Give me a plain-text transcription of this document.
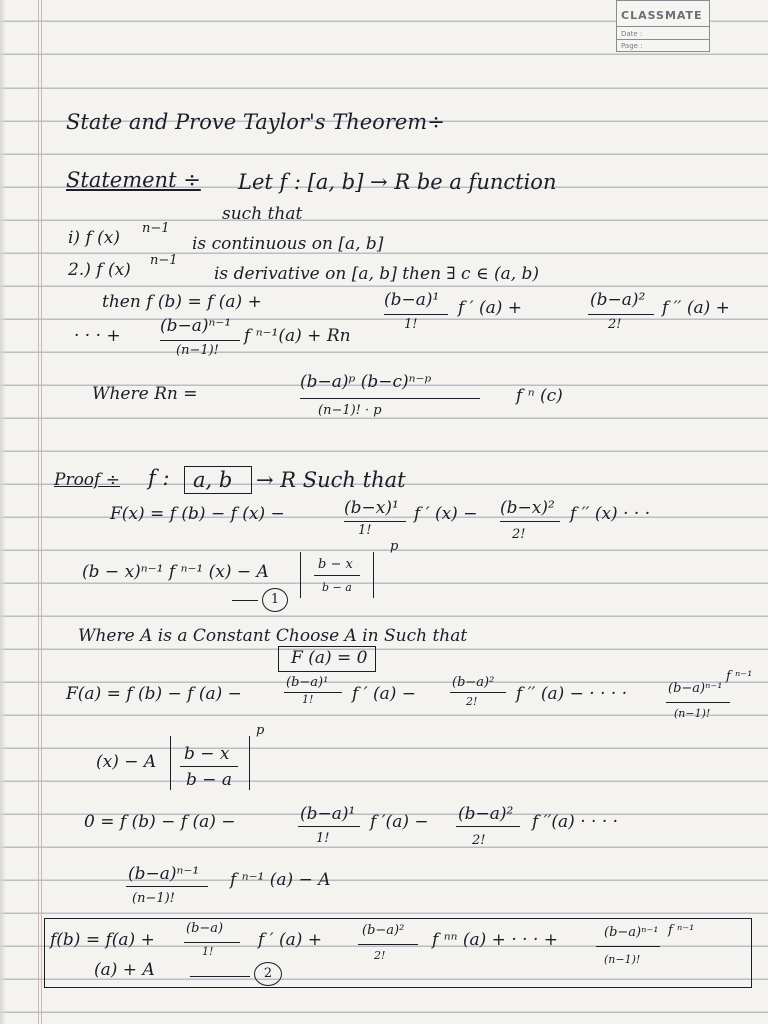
CLASSMATE
Date :
Page :
State and Prove Taylor's Theorem÷
Statement ÷ Let f : [a, b] → R be a function
such that
i) f (x) n−1
is continuous on [a, b]
2.) f (x) n−1
is derivative on [a, b] then ∃ c ∈ (a, b)
then f (b) = f (a) +	(b−a)¹
1!
f ′ (a) +	(b−a)²
2!
f ′′ (a) +
· · · + (b−a)ⁿ⁻¹
(n−1)!
f ⁿ⁻¹(a) + Rn
Where Rn =
(b−a)ᵖ (b−c)ⁿ⁻ᵖ
(n−1)! · p
f ⁿ (c)
Proof ÷ f : a, b → R Such that
F(x) = f (b) − f (x) −	(b−x)¹
1!
f ′ (x) − (b−x)²
2!
f ′′ (x) · · ·
(b − x)ⁿ⁻¹ f ⁿ⁻¹ (x) − A	b − x
b − a
p
1
Where A is a Constant Choose A in Such that
F (a) = 0
F(a) = f (b) − f (a) −
(b−a)¹
1! f ′ (a) −
(b−a)²
2! f ′′ (a) − · · · ·	(b−a)ⁿ⁻¹
(n−1)!
f ⁿ⁻¹
(x) − A b − x
b − a
p
0 = f (b) − f (a) −	(b−a)¹
1!
f ′(a) − (b−a)²
2!
f ′′(a) · · · ·
(b−a)ⁿ⁻¹
(n−1)!
f ⁿ⁻¹ (a) − A
f(b) = f(a) +
(b−a)
1!
f ′ (a) +	(b−a)²
2!
f ⁿⁿ (a) + · · · +	(b−a)ⁿ⁻¹
(n−1)!
f ⁿ⁻¹
(a) + A	2
